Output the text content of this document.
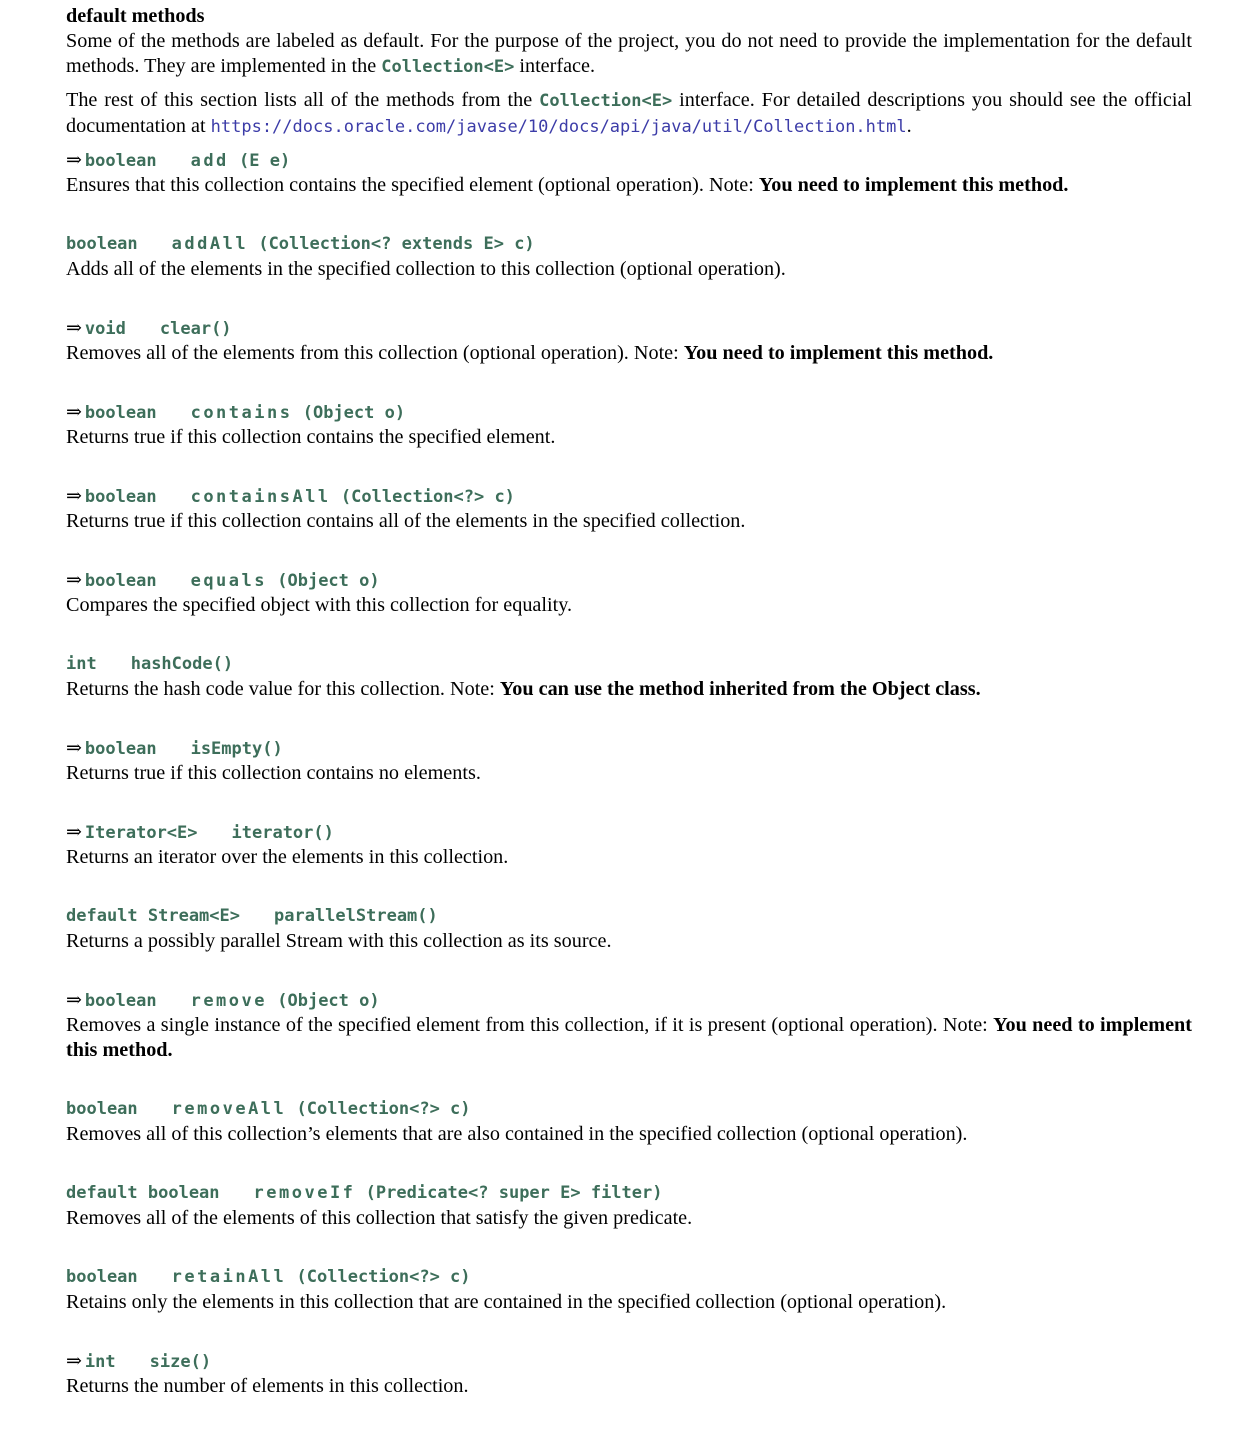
default methods

Some of the methods are labeled as default. For the purpose of the project, you do not need to provide the implementation for the default methods. They are implemented in the Collection<E> interface.

The rest of this section lists all of the methods from the Collection<E> interface. For detailed descriptions you should see the official documentation at https://docs.oracle.com/javase/10/docs/api/java/util/Collection.html.

⇒ boolean add (E e)

Ensures that this collection contains the specified element (optional operation). Note: You need to implement this method.

boolean addAll (Collection<? extends E> c)

Adds all of the elements in the specified collection to this collection (optional operation).

⇒ void clear()

Removes all of the elements from this collection (optional operation). Note: You need to implement this method.

⇒ boolean contains (Object o)

Returns true if this collection contains the specified element.

⇒ boolean containsAll (Collection<?> c)

Returns true if this collection contains all of the elements in the specified collection.

⇒ boolean equals (Object o)

Compares the specified object with this collection for equality.

int hashCode()

Returns the hash code value for this collection. Note: You can use the method inherited from the Object class.

⇒ boolean isEmpty()

Returns true if this collection contains no elements.

⇒ Iterator<E> iterator()

Returns an iterator over the elements in this collection.

default Stream<E> parallelStream()

Returns a possibly parallel Stream with this collection as its source.

⇒ boolean remove (Object o)

Removes a single instance of the specified element from this collection, if it is present (optional operation). Note: You need to implement this method.

boolean removeAll (Collection<?> c)

Removes all of this collection’s elements that are also contained in the specified collection (optional operation).

default boolean removeIf (Predicate<? super E> filter)

Removes all of the elements of this collection that satisfy the given predicate.

boolean retainAll (Collection<?> c)

Retains only the elements in this collection that are contained in the specified collection (optional operation).

⇒ int size()

Returns the number of elements in this collection.
